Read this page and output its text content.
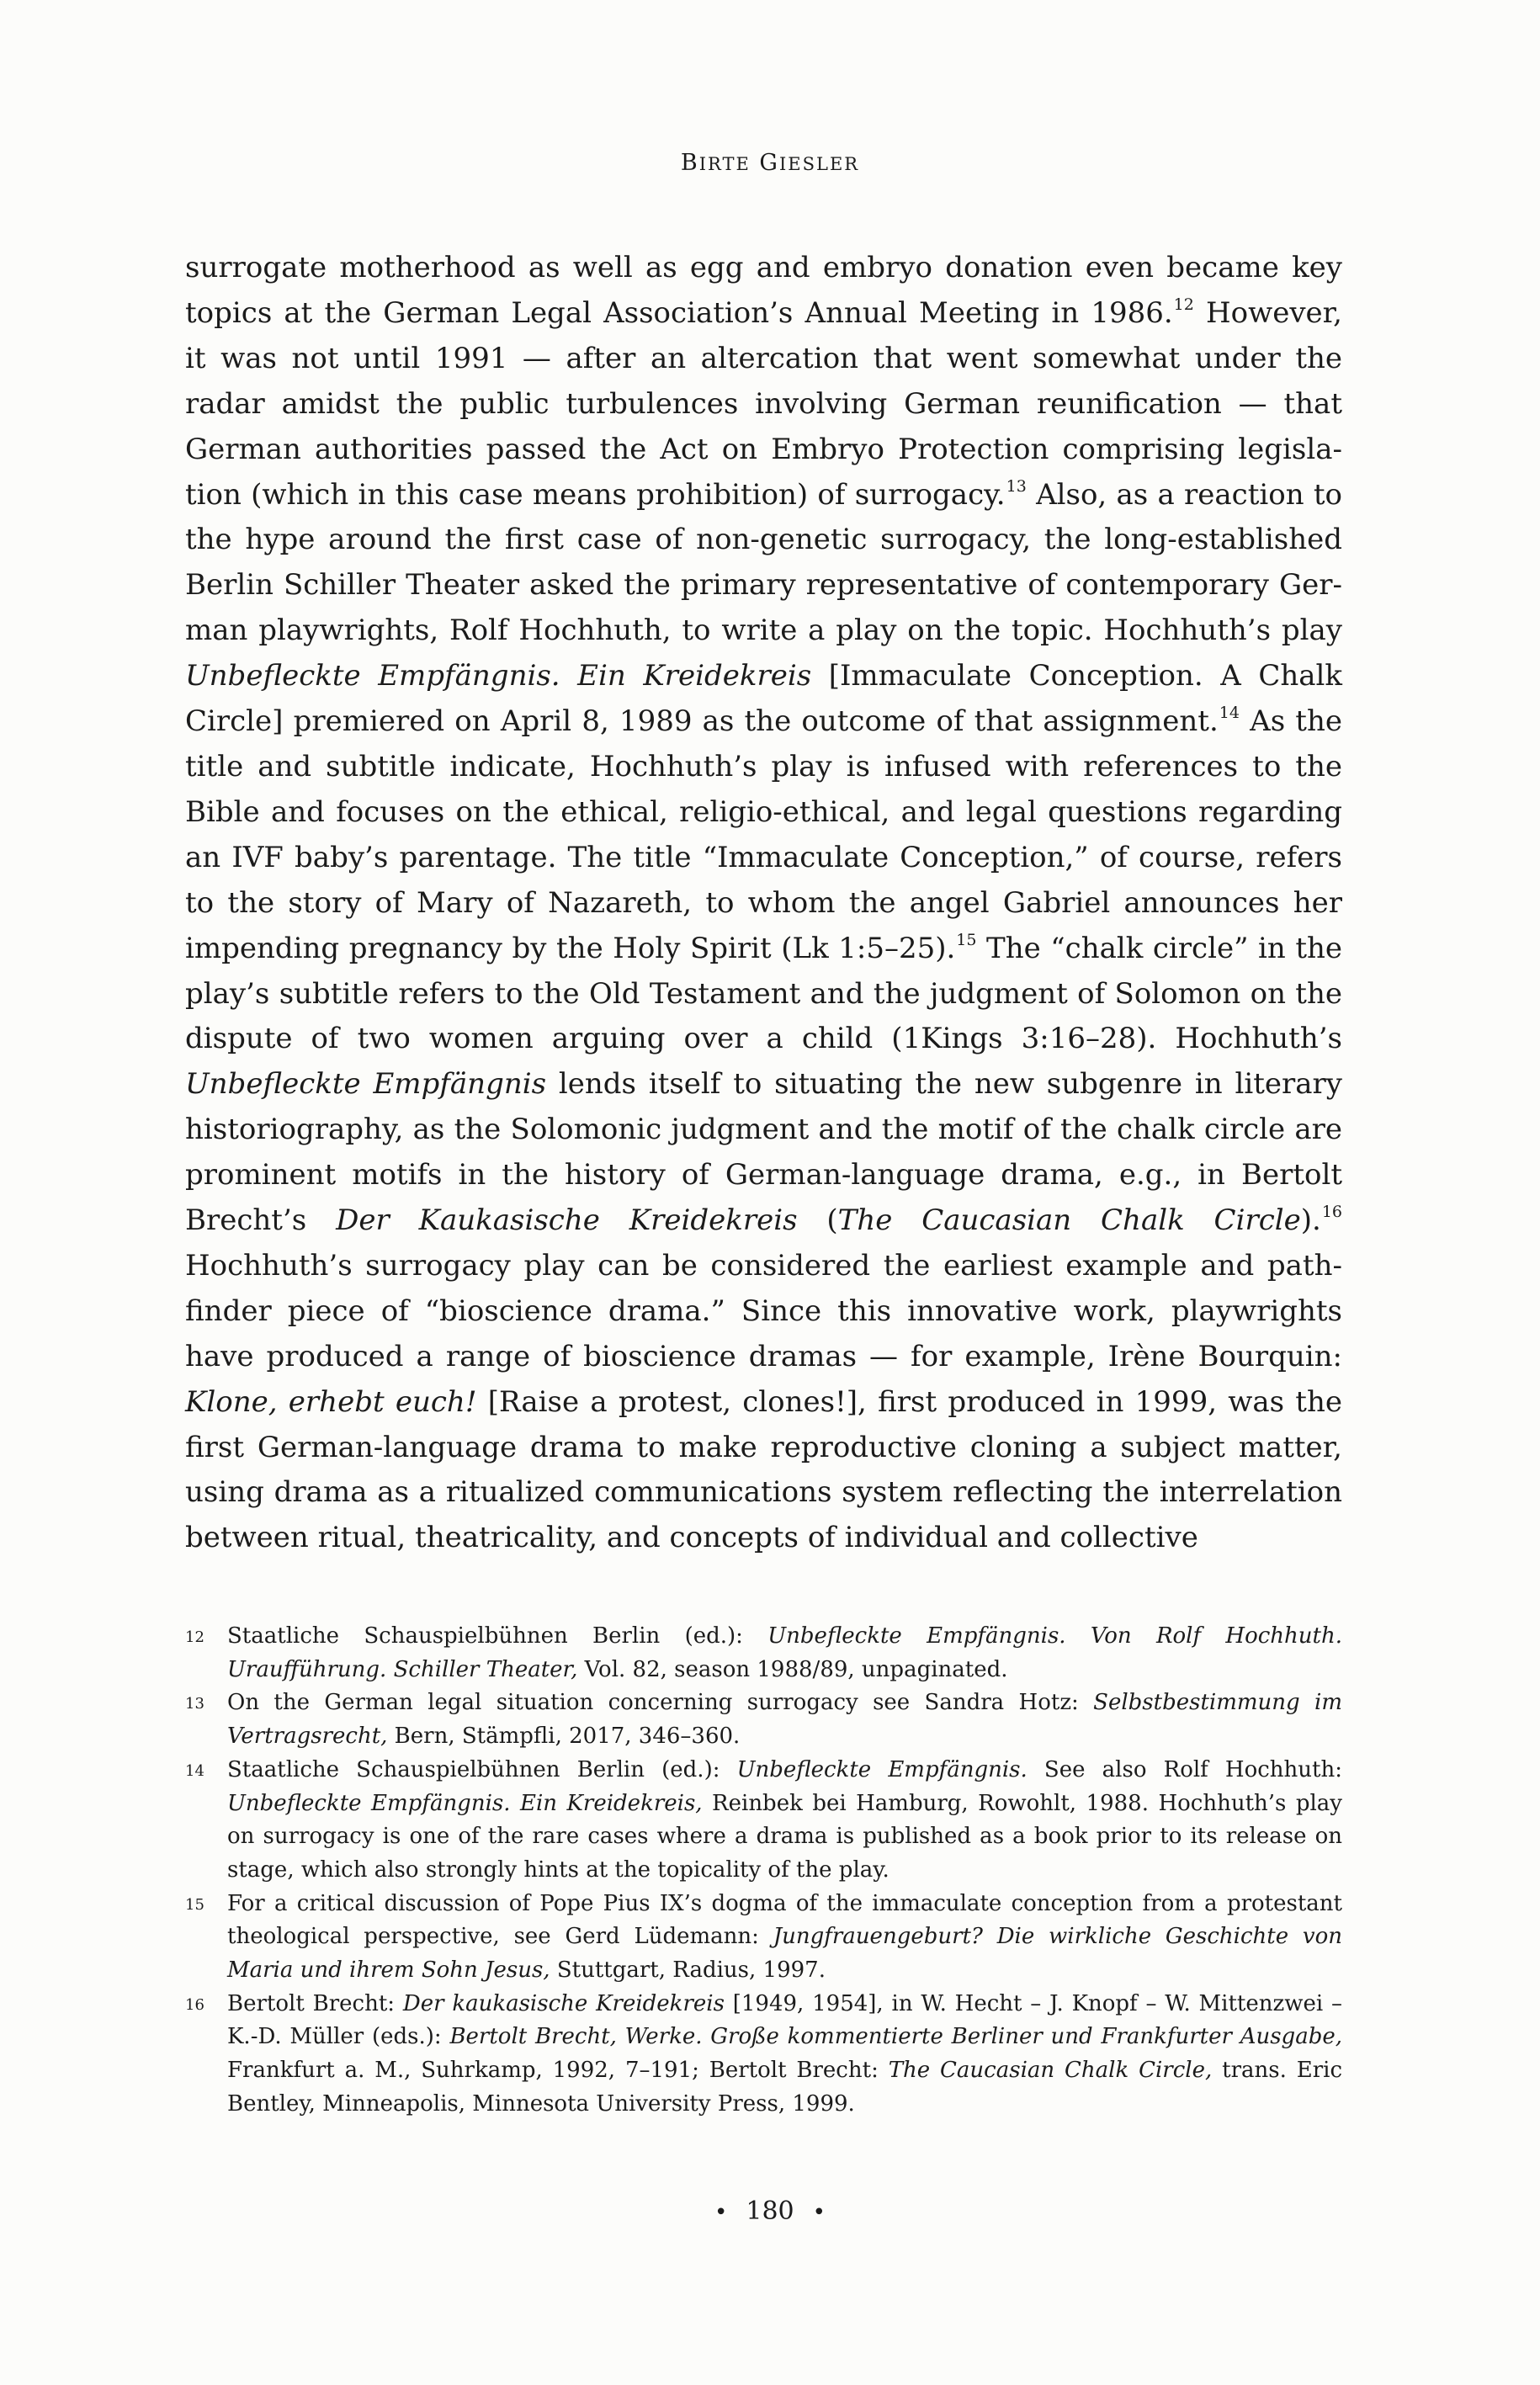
BIRTE GIESLER

surrogate motherhood as well as egg and embryo donation even became key topics at the German Legal Association’s Annual Meeting in 1986.12 However, it was not until 1991 — after an altercation that went somewhat under the radar amidst the public turbulences involving German reunification — that German authorities passed the Act on Embryo Protection comprising legislation (which in this case means prohibition) of surrogacy.$^{13}$ Also, as a reaction to the hype around the first case of non-genetic surrogacy, the long-established Berlin Schiller Theater asked the primary representative of contemporary German playwrights, Rolf Hochhuth, to write a play on the topic. Hochhuth’s play Unbefleckte Empfängnis. Ein Kreidekreis [Immaculate Conception. A Chalk Circle] premiered on April 8, 1989 as the outcome of that assignment.$^{14}$ As the title and subtitle indicate, Hochhuth’s play is infused with references to the Bible and focuses on the ethical, religio-ethical, and legal questions regarding an IVF baby’s parentage. The title “Immaculate Conception,” of course, refers to the story of Mary of Nazareth, to whom the angel Gabriel announces her impending pregnancy by the Holy Spirit (Lk 1:5–25).$^{15}$ The “chalk circle” in the play’s subtitle refers to the Old Testament and the judgment of Solomon on the dispute of two women arguing over a child (1Kings 3:16–28). Hochhuth’s Unbefleckte Empfängnis lends itself to situating the new subgenre in literary historiography, as the Solomonic judgment and the motif of the chalk circle are prominent motifs in the history of German-language drama, e.g., in Bertolt Brecht’s Der Kaukasische Kreidekreis (The Caucasian Chalk Circle).$^{16}$ Hochhuth’s surrogacy play can be considered the earliest example and pathfinder piece of “bioscience drama.” Since this innovative work, playwrights have produced a range of bioscience dramas — for example, Irène Bourquin: Klone, erhebt euch! [Raise a protest, clones!], first produced in 1999, was the first German-language drama to make reproductive cloning a subject matter, using drama as a ritualized communications system reflecting the interrelation between ritual, theatricality, and concepts of individual and collective

12 Staatliche Schauspielbühnen Berlin (ed.): Unbefleckte Empfängnis. Von Rolf Hochhuth. Uraufführung. Schiller Theater, Vol. 82, season 1988/89, unpaginated.
13 On the German legal situation concerning surrogacy see Sandra Hotz: Selbstbestimmung im Vertragsrecht, Bern, Stämpfli, 2017, 346–360.
14 Staatliche Schauspielbühnen Berlin (ed.): Unbefleckte Empfängnis. See also Rolf Hochhuth: Unbefleckte Empfängnis. Ein Kreidekreis, Reinbek bei Hamburg, Rowohlt, 1988. Hochhuth’s play on surrogacy is one of the rare cases where a drama is published as a book prior to its release on stage, which also strongly hints at the topicality of the play.
15 For a critical discussion of Pope Pius IX’s dogma of the immaculate conception from a protestant theological perspective, see Gerd Lüdemann: Jungfrauengeburt? Die wirkliche Geschichte von Maria und ihrem Sohn Jesus, Stuttgart, Radius, 1997.
16 Bertolt Brecht: Der kaukasische Kreidekreis [1949, 1954], in W. Hecht – J. Knopf – W. Mittenzwei – K.-D. Müller (eds.): Bertolt Brecht, Werke. Große kommentierte Berliner und Frankfurter Ausgabe, Frankfurt a. M., Suhrkamp, 1992, 7–191; Bertolt Brecht: The Caucasian Chalk Circle, trans. Eric Bentley, Minneapolis, Minnesota University Press, 1999.
• 180 •
